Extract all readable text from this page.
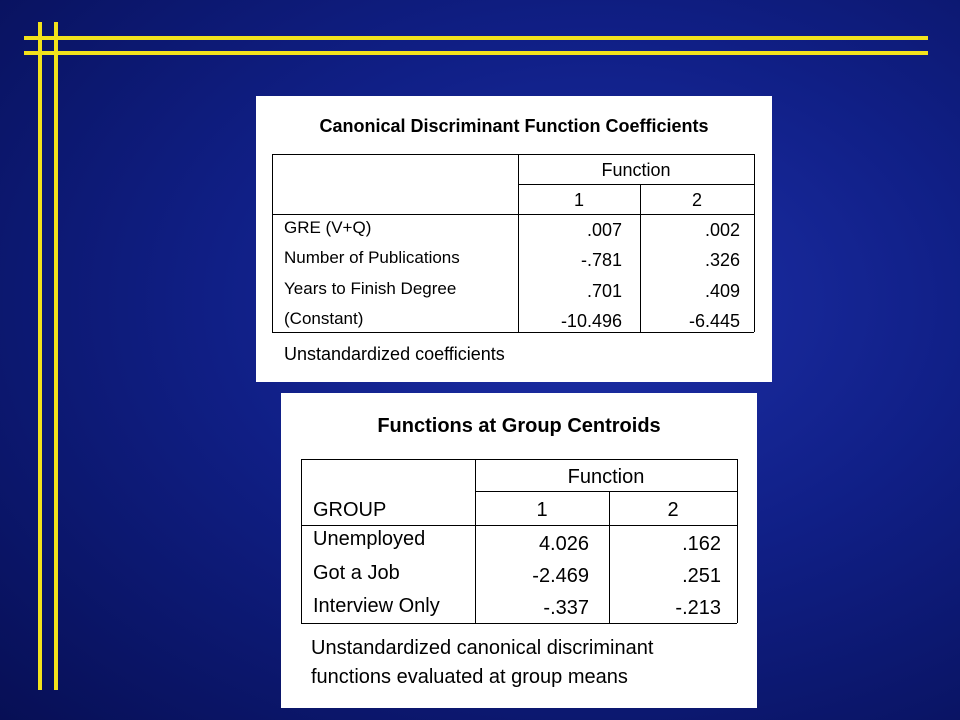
Canonical Discriminant Function Coefficients
Function
1	2
GRE (V+Q)	.007	.002
Number of Publications	-.781	.326
Years to Finish Degree	.701	.409
(Constant)	-10.496	-6.445
Unstandardized coefficients
Functions at Group Centroids
GROUP
Function
1	2
Unemployed	4.026	.162
Got a Job	-2.469	.251
Interview Only	-.337	-.213
Unstandardized canonical discriminant
functions evaluated at group means
